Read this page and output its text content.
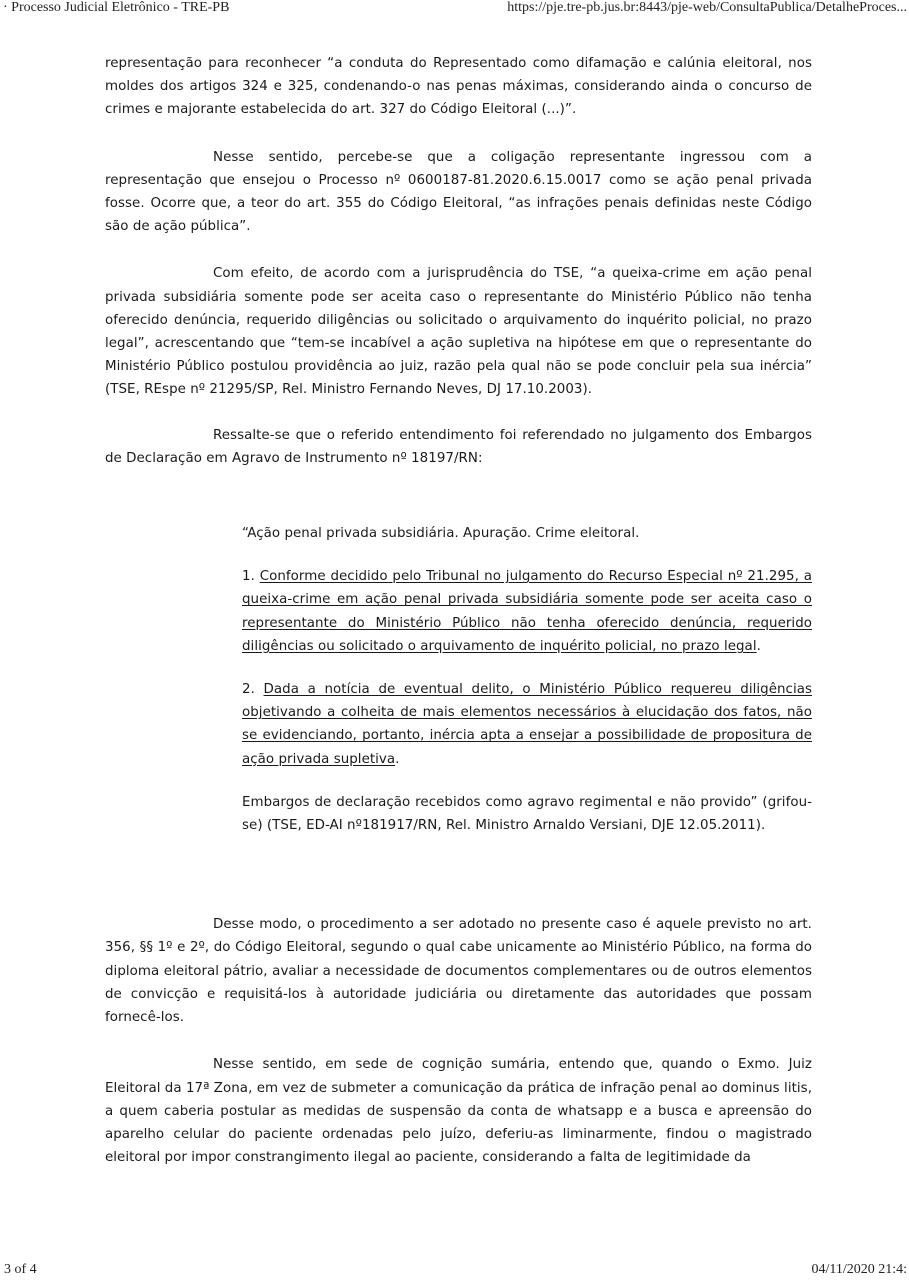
· Processo Judicial Eletrônico - TRE-PB	https://pje.tre-pb.jus.br:8443/pje-web/ConsultaPublica/DetalheProces...

representação para reconhecer “a conduta do Representado como difamação e calúnia eleitoral, nos moldes dos artigos 324 e 325, condenando-o nas penas máximas, considerando ainda o concurso de crimes e majorante estabelecida do art. 327 do Código Eleitoral (...)”.

Nesse sentido, percebe-se que a coligação representante ingressou com a representação que ensejou o Processo nº 0600187-81.2020.6.15.0017 como se ação penal privada fosse. Ocorre que, a teor do art. 355 do Código Eleitoral, “as infrações penais definidas neste Código são de ação pública”.

Com efeito, de acordo com a jurisprudência do TSE, “a queixa-crime em ação penal privada subsidiária somente pode ser aceita caso o representante do Ministério Público não tenha oferecido denúncia, requerido diligências ou solicitado o arquivamento do inquérito policial, no prazo legal”, acrescentando que “tem-se incabível a ação supletiva na hipótese em que o representante do Ministério Público postulou providência ao juiz, razão pela qual não se pode concluir pela sua inércia” (TSE, REspe nº 21295/SP, Rel. Ministro Fernando Neves, DJ 17.10.2003).

Ressalte-se que o referido entendimento foi referendado no julgamento dos Embargos de Declaração em Agravo de Instrumento nº 18197/RN:

“Ação penal privada subsidiária. Apuração. Crime eleitoral.

1. Conforme decidido pelo Tribunal no julgamento do Recurso Especial nº 21.295, a queixa-crime em ação penal privada subsidiária somente pode ser aceita caso o representante do Ministério Público não tenha oferecido denúncia, requerido diligências ou solicitado o arquivamento de inquérito policial, no prazo legal.

2. Dada a notícia de eventual delito, o Ministério Público requereu diligências objetivando a colheita de mais elementos necessários à elucidação dos fatos, não se evidenciando, portanto, inércia apta a ensejar a possibilidade de propositura de ação privada supletiva.

Embargos de declaração recebidos como agravo regimental e não provido” (grifou-se) (TSE, ED-AI nº181917/RN, Rel. Ministro Arnaldo Versiani, DJE 12.05.2011).

Desse modo, o procedimento a ser adotado no presente caso é aquele previsto no art. 356, §§ 1º e 2º, do Código Eleitoral, segundo o qual cabe unicamente ao Ministério Público, na forma do diploma eleitoral pátrio, avaliar a necessidade de documentos complementares ou de outros elementos de convicção e requisitá-los à autoridade judiciária ou diretamente das autoridades que possam fornecê-los.

Nesse sentido, em sede de cognição sumária, entendo que, quando o Exmo. Juiz Eleitoral da 17ª Zona, em vez de submeter a comunicação da prática de infração penal ao dominus litis, a quem caberia postular as medidas de suspensão da conta de whatsapp e a busca e apreensão do aparelho celular do paciente ordenadas pelo juízo, deferiu-as liminarmente, findou o magistrado eleitoral por impor constrangimento ilegal ao paciente, considerando a falta de legitimidade da

3 of 4	04/11/2020 21:4:
